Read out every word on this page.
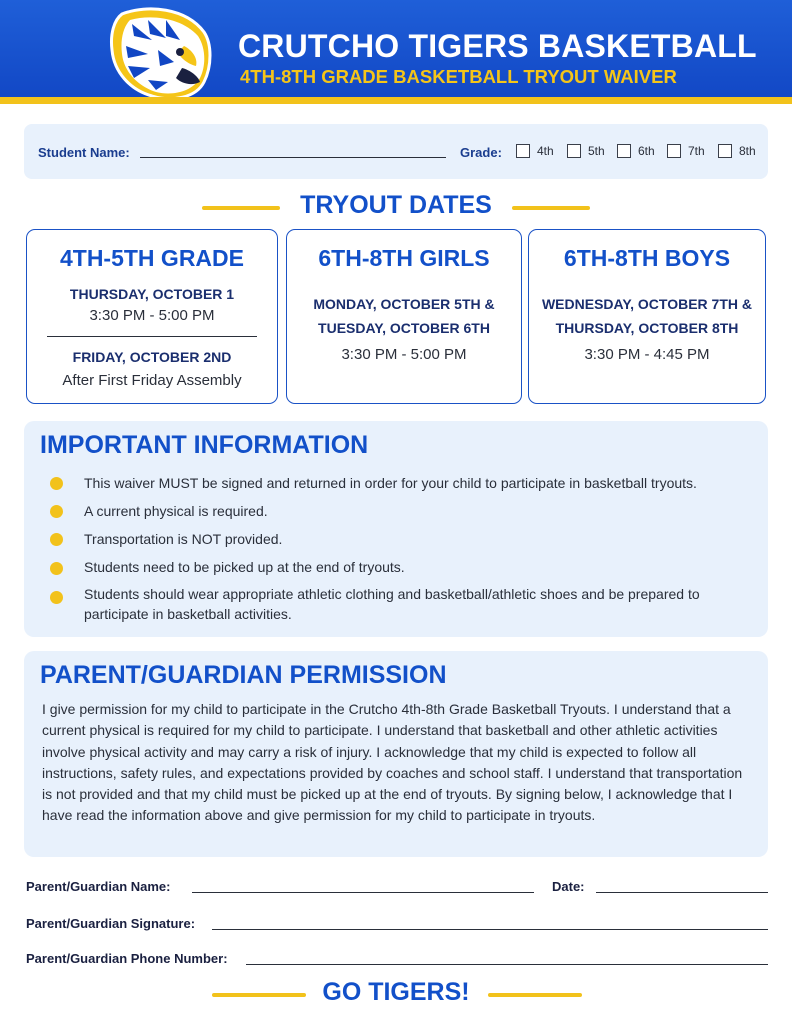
CRUTCHO TIGERS BASKETBALL
4TH-8TH GRADE BASKETBALL TRYOUT WAIVER
Student Name:	Grade:	4th	5th	6th	7th	8th
TRYOUT DATES
4TH-5TH GRADE
THURSDAY, OCTOBER 1
3:30 PM - 5:00 PM
FRIDAY, OCTOBER 2ND
After First Friday Assembly
6TH-8TH GIRLS
MONDAY, OCTOBER 5TH &
TUESDAY, OCTOBER 6TH
3:30 PM - 5:00 PM
6TH-8TH BOYS
WEDNESDAY, OCTOBER 7TH &
THURSDAY, OCTOBER 8TH
3:30 PM - 4:45 PM
IMPORTANT INFORMATION
This waiver MUST be signed and returned in order for your child to participate in basketball tryouts.
A current physical is required.
Transportation is NOT provided.
Students need to be picked up at the end of tryouts.
Students should wear appropriate athletic clothing and basketball/athletic shoes and be prepared to participate in basketball activities.
PARENT/GUARDIAN PERMISSION
I give permission for my child to participate in the Crutcho 4th-8th Grade Basketball Tryouts. I understand that a current physical is required for my child to participate. I understand that basketball and other athletic activities involve physical activity and may carry a risk of injury. I acknowledge that my child is expected to follow all instructions, safety rules, and expectations provided by coaches and school staff. I understand that transportation is not provided and that my child must be picked up at the end of tryouts. By signing below, I acknowledge that I have read the information above and give permission for my child to participate in tryouts.
Parent/Guardian Name:	Date:
Parent/Guardian Signature:
Parent/Guardian Phone Number:
GO TIGERS!
